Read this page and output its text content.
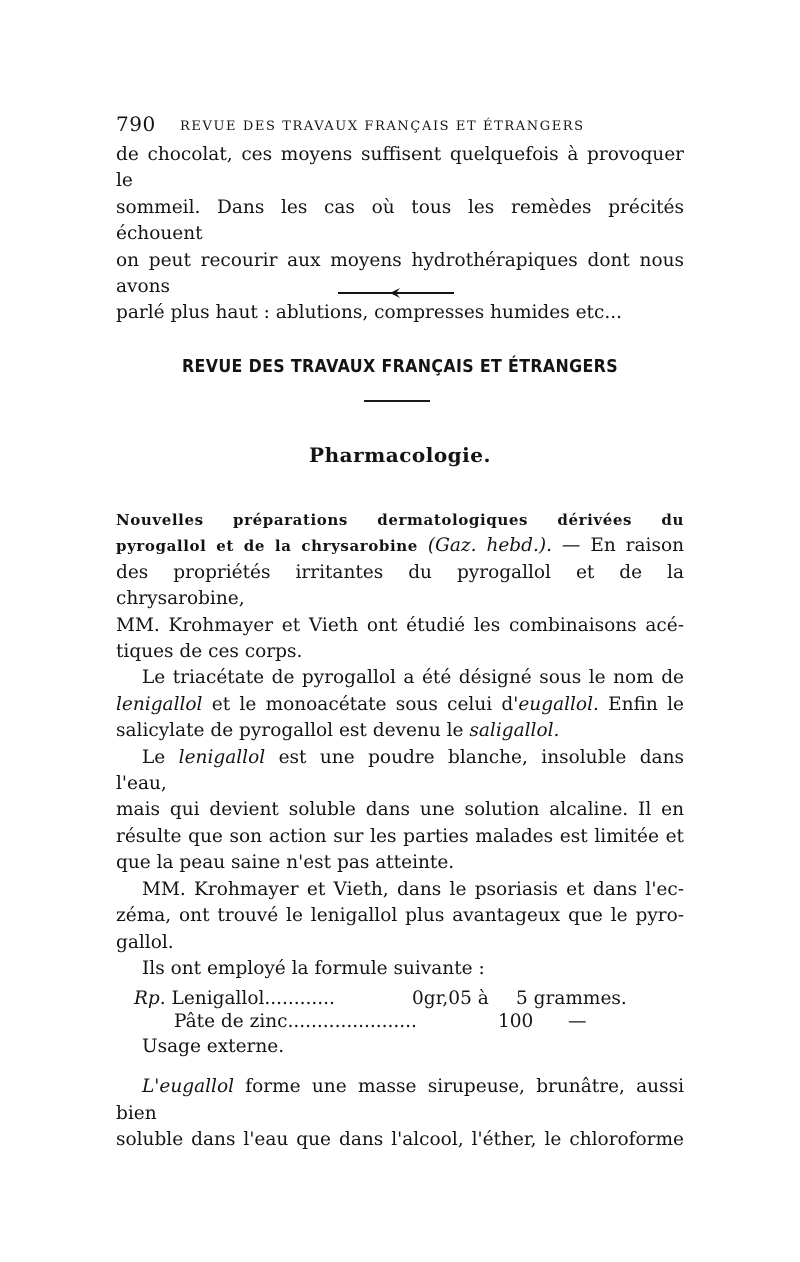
790 REVUE DES TRAVAUX FRANÇAIS ET ÉTRANGERS
de chocolat, ces moyens suffisent quelquefois à provoquer le
sommeil. Dans les cas où tous les remèdes précités échouent
on peut recourir aux moyens hydrothérapiques dont nous avons
parlé plus haut : ablutions, compresses humides etc...
REVUE DES TRAVAUX FRANÇAIS ET ÉTRANGERS
Pharmacologie.
Nouvelles préparations dermatologiques dérivées du
pyrogallol et de la chrysarobine (Gaz. hebd.). — En raison
des propriétés irritantes du pyrogallol et de la chrysarobine,
MM. Krohmayer et Vieth ont étudié les combinaisons acé-
tiques de ces corps.
Le triacétate de pyrogallol a été désigné sous le nom de
lenigallol et le monoacétate sous celui d'eugallol. Enfin le
salicylate de pyrogallol est devenu le saligallol.
Le lenigallol est une poudre blanche, insoluble dans l'eau,
mais qui devient soluble dans une solution alcaline. Il en
résulte que son action sur les parties malades est limitée et
que la peau saine n'est pas atteinte.
MM. Krohmayer et Vieth, dans le psoriasis et dans l'ec-
zéma, ont trouvé le lenigallol plus avantageux que le pyro-
gallol.
Ils ont employé la formule suivante :
Rp. Lenigallol............	0gr,05 à 5 grammes.
Pâte de zinc......................	100 —
Usage externe.
L'eugallol forme une masse sirupeuse, brunâtre, aussi bien
soluble dans l'eau que dans l'alcool, l'éther, le chloroforme
